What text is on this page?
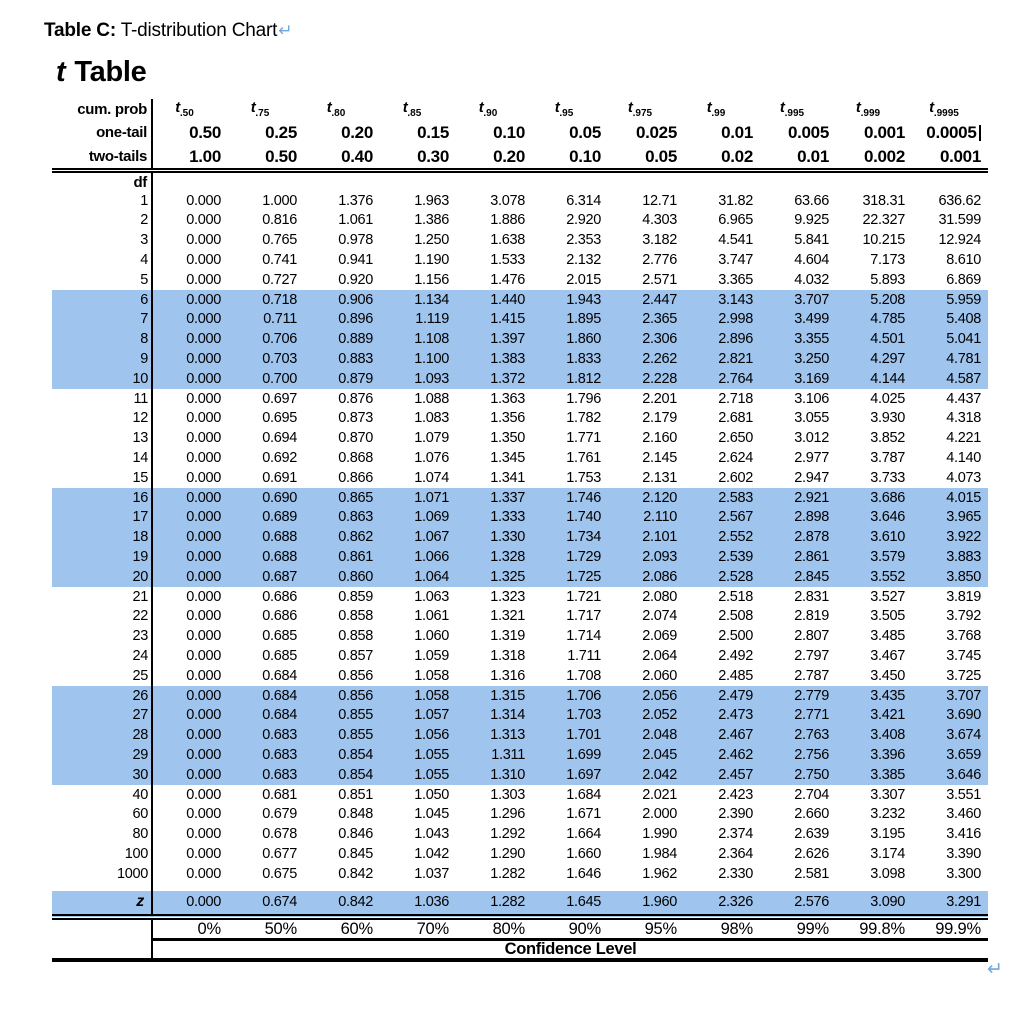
Table C: T-distribution Chart↵
t Table
cum. prob	$t_{.50}$	$t_{.75}$	$t_{.80}$	$t_{.85}$	$t_{.90}$	$t_{.95}$	$t_{.975}$	$t_{.99}$	$t_{.995}$	$t_{.999}$	$t_{.9995}$
one-tail	0.50	0.25	0.20	0.15	0.10	0.05	0.025	0.01	0.005	0.001	0.0005
two-tails	1.00	0.50	0.40	0.30	0.20	0.10	0.05	0.02	0.01	0.002	0.001
df											
1	0.000	1.000	1.376	1.963	3.078	6.314	12.71	31.82	63.66	318.31	636.62
2	0.000	0.816	1.061	1.386	1.886	2.920	4.303	6.965	9.925	22.327	31.599
3	0.000	0.765	0.978	1.250	1.638	2.353	3.182	4.541	5.841	10.215	12.924
4	0.000	0.741	0.941	1.190	1.533	2.132	2.776	3.747	4.604	7.173	8.610
5	0.000	0.727	0.920	1.156	1.476	2.015	2.571	3.365	4.032	5.893	6.869
6	0.000	0.718	0.906	1.134	1.440	1.943	2.447	3.143	3.707	5.208	5.959
7	0.000	0.711	0.896	1.119	1.415	1.895	2.365	2.998	3.499	4.785	5.408
8	0.000	0.706	0.889	1.108	1.397	1.860	2.306	2.896	3.355	4.501	5.041
9	0.000	0.703	0.883	1.100	1.383	1.833	2.262	2.821	3.250	4.297	4.781
10	0.000	0.700	0.879	1.093	1.372	1.812	2.228	2.764	3.169	4.144	4.587
11	0.000	0.697	0.876	1.088	1.363	1.796	2.201	2.718	3.106	4.025	4.437
12	0.000	0.695	0.873	1.083	1.356	1.782	2.179	2.681	3.055	3.930	4.318
13	0.000	0.694	0.870	1.079	1.350	1.771	2.160	2.650	3.012	3.852	4.221
14	0.000	0.692	0.868	1.076	1.345	1.761	2.145	2.624	2.977	3.787	4.140
15	0.000	0.691	0.866	1.074	1.341	1.753	2.131	2.602	2.947	3.733	4.073
16	0.000	0.690	0.865	1.071	1.337	1.746	2.120	2.583	2.921	3.686	4.015
17	0.000	0.689	0.863	1.069	1.333	1.740	2.110	2.567	2.898	3.646	3.965
18	0.000	0.688	0.862	1.067	1.330	1.734	2.101	2.552	2.878	3.610	3.922
19	0.000	0.688	0.861	1.066	1.328	1.729	2.093	2.539	2.861	3.579	3.883
20	0.000	0.687	0.860	1.064	1.325	1.725	2.086	2.528	2.845	3.552	3.850
21	0.000	0.686	0.859	1.063	1.323	1.721	2.080	2.518	2.831	3.527	3.819
22	0.000	0.686	0.858	1.061	1.321	1.717	2.074	2.508	2.819	3.505	3.792
23	0.000	0.685	0.858	1.060	1.319	1.714	2.069	2.500	2.807	3.485	3.768
24	0.000	0.685	0.857	1.059	1.318	1.711	2.064	2.492	2.797	3.467	3.745
25	0.000	0.684	0.856	1.058	1.316	1.708	2.060	2.485	2.787	3.450	3.725
26	0.000	0.684	0.856	1.058	1.315	1.706	2.056	2.479	2.779	3.435	3.707
27	0.000	0.684	0.855	1.057	1.314	1.703	2.052	2.473	2.771	3.421	3.690
28	0.000	0.683	0.855	1.056	1.313	1.701	2.048	2.467	2.763	3.408	3.674
29	0.000	0.683	0.854	1.055	1.311	1.699	2.045	2.462	2.756	3.396	3.659
30	0.000	0.683	0.854	1.055	1.310	1.697	2.042	2.457	2.750	3.385	3.646
40	0.000	0.681	0.851	1.050	1.303	1.684	2.021	2.423	2.704	3.307	3.551
60	0.000	0.679	0.848	1.045	1.296	1.671	2.000	2.390	2.660	3.232	3.460
80	0.000	0.678	0.846	1.043	1.292	1.664	1.990	2.374	2.639	3.195	3.416
100	0.000	0.677	0.845	1.042	1.290	1.660	1.984	2.364	2.626	3.174	3.390
1000	0.000	0.675	0.842	1.037	1.282	1.646	1.962	2.330	2.581	3.098	3.300

z	0.000	0.674	0.842	1.036	1.282	1.645	1.960	2.326	2.576	3.090	3.291
	0%	50%	60%	70%	80%	90%	95%	98%	99%	99.8%	99.9%
	Confidence Level										
↵
